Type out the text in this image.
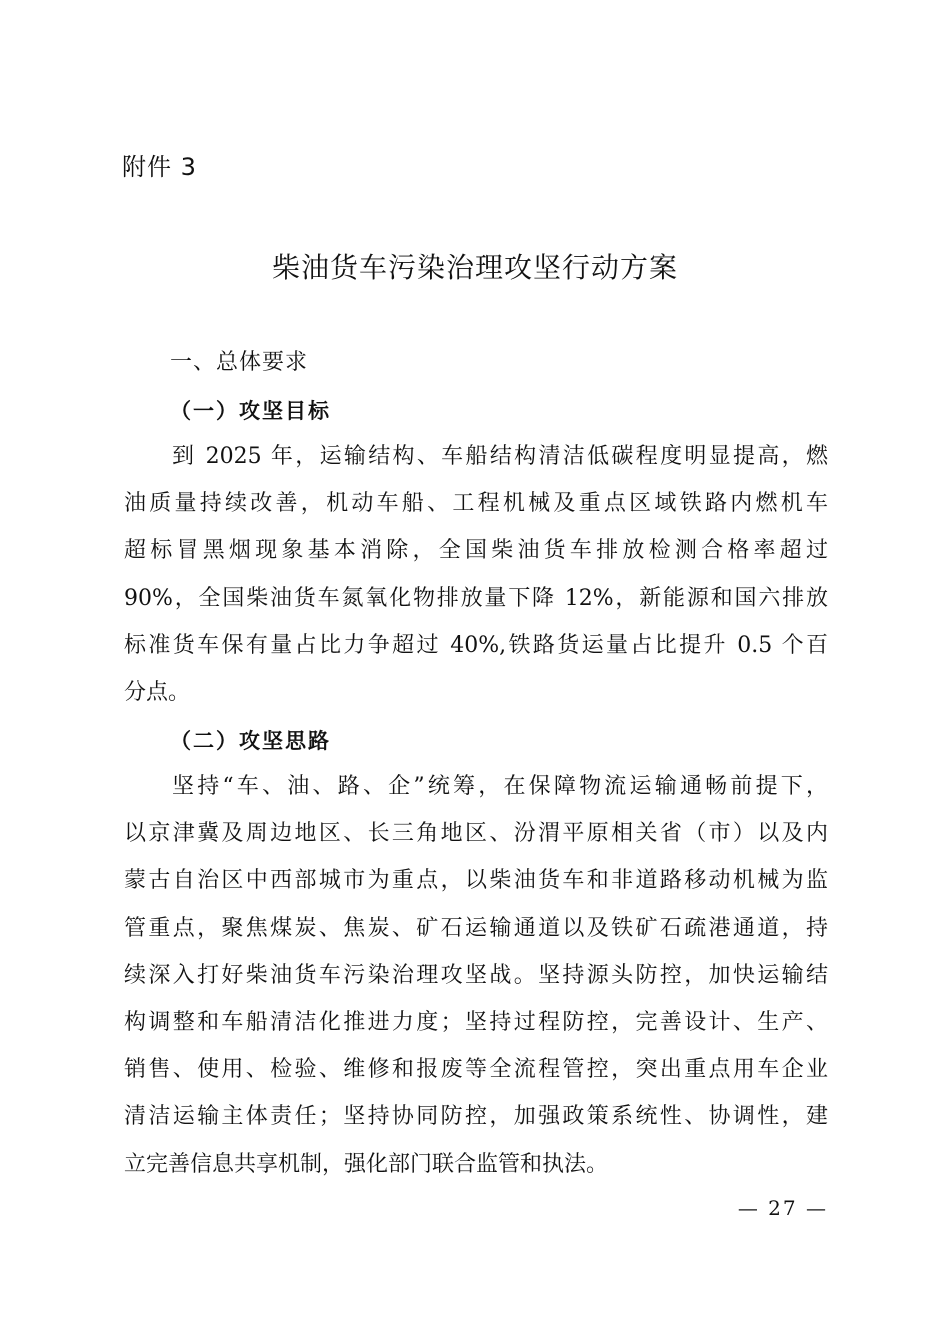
附件 3
柴油货车污染治理攻坚行动方案
一、总体要求
（一）攻坚目标
到 2025 年，运输结构、车船结构清洁低碳程度明显提高，燃
油质量持续改善，机动车船、工程机械及重点区域铁路内燃机车
超标冒黑烟现象基本消除，全国柴油货车排放检测合格率超过
90%，全国柴油货车氮氧化物排放量下降 12%，新能源和国六排放
标准货车保有量占比力争超过 40%,铁路货运量占比提升 0.5 个百
分点。
（二）攻坚思路
坚持“车、油、路、企”统筹，在保障物流运输通畅前提下，
以京津冀及周边地区、长三角地区、汾渭平原相关省（市）以及内
蒙古自治区中西部城市为重点，以柴油货车和非道路移动机械为监
管重点，聚焦煤炭、焦炭、矿石运输通道以及铁矿石疏港通道，持
续深入打好柴油货车污染治理攻坚战。坚持源头防控，加快运输结
构调整和车船清洁化推进力度；坚持过程防控，完善设计、生产、
销售、使用、检验、维修和报废等全流程管控，突出重点用车企业
清洁运输主体责任；坚持协同防控，加强政策系统性、协调性，建
立完善信息共享机制，强化部门联合监管和执法。
— 27 —
